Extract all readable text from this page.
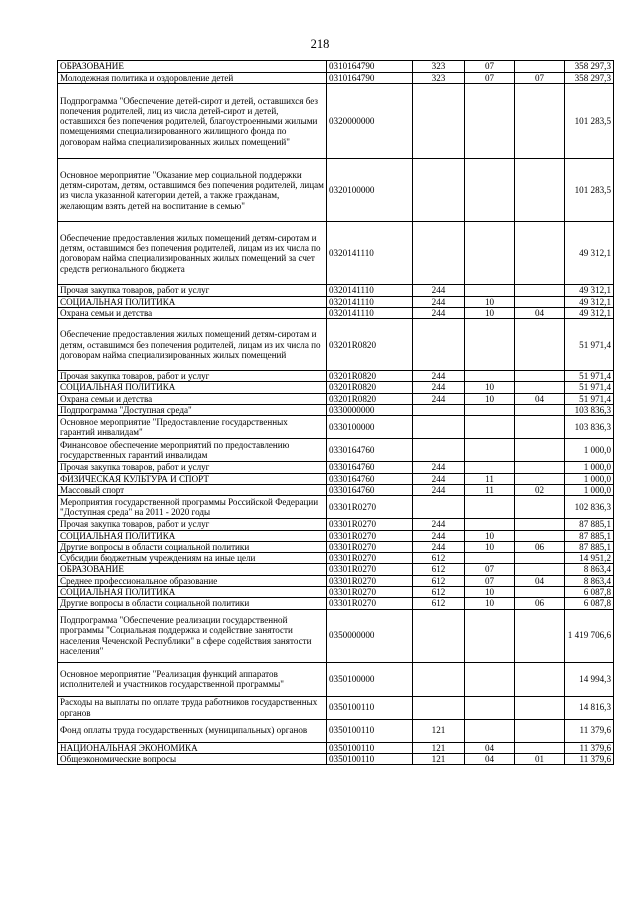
218
ОБРАЗОВАНИЕ	0310164790	323	07		358 297,3
Молодежная политика и оздоровление детей	0310164790	323	07	07	358 297,3
Подпрограмма "Обеспечение детей-сирот и детей, оставшихся без попечения родителей, лиц из числа детей-сирот и детей, оставшихся без попечения родителей, благоустроенными жилыми помещениями специализированного жилищного фонда по договорам найма специализированных жилых помещений"	0320000000				101 283,5
Основное мероприятие "Оказание мер социальной поддержки детям-сиротам, детям, оставшимся без попечения родителей, лицам из числа указанной категории детей, а также гражданам, желающим взять детей на воспитание в семью"	0320100000				101 283,5
Обеспечение предоставления жилых помещений детям-сиротам и детям, оставшимся без попечения родителей, лицам из их числа по договорам найма специализированных жилых помещений за счет средств регионального бюджета	0320141110				49 312,1
Прочая закупка товаров, работ и услуг	0320141110	244			49 312,1
СОЦИАЛЬНАЯ ПОЛИТИКА	0320141110	244	10		49 312,1
Охрана семьи и детства	0320141110	244	10	04	49 312,1
Обеспечение предоставления жилых помещений детям-сиротам и детям, оставшимся без попечения родителей, лицам из их числа по договорам найма специализированных жилых помещений	03201R0820				51 971,4
Прочая закупка товаров, работ и услуг	03201R0820	244			51 971,4
СОЦИАЛЬНАЯ ПОЛИТИКА	03201R0820	244	10		51 971,4
Охрана семьи и детства	03201R0820	244	10	04	51 971,4
Подпрограмма "Доступная среда"	0330000000				103 836,3
Основное мероприятие "Предоставление государственных гарантий инвалидам"	0330100000				103 836,3
Финансовое обеспечение мероприятий по предоставлению государственных гарантий инвалидам	0330164760				1 000,0
Прочая закупка товаров, работ и услуг	0330164760	244			1 000,0
ФИЗИЧЕСКАЯ КУЛЬТУРА И СПОРТ	0330164760	244	11		1 000,0
Массовый спорт	0330164760	244	11	02	1 000,0
Мероприятия государственной программы Российской Федерации "Доступная среда" на 2011 - 2020 годы	03301R0270				102 836,3
Прочая закупка товаров, работ и услуг	03301R0270	244			87 885,1
СОЦИАЛЬНАЯ ПОЛИТИКА	03301R0270	244	10		87 885,1
Другие вопросы в области социальной политики	03301R0270	244	10	06	87 885,1
Субсидии бюджетным учреждениям на иные цели	03301R0270	612			14 951,2
ОБРАЗОВАНИЕ	03301R0270	612	07		8 863,4
Среднее профессиональное образование	03301R0270	612	07	04	8 863,4
СОЦИАЛЬНАЯ ПОЛИТИКА	03301R0270	612	10		6 087,8
Другие вопросы в области социальной политики	03301R0270	612	10	06	6 087,8
Подпрограмма "Обеспечение реализации государственной программы "Социальная поддержка и содействие занятости населения Чеченской Республики" в сфере содействия занятости населения"	0350000000				1 419 706,6
Основное мероприятие "Реализация функций аппаратов исполнителей и участников государственной программы"	0350100000				14 994,3
Расходы на выплаты по оплате труда работников государственных органов	0350100110				14 816,3
Фонд оплаты труда государственных (муниципальных) органов	0350100110	121			11 379,6
НАЦИОНАЛЬНАЯ ЭКОНОМИКА	0350100110	121	04		11 379,6
Общеэкономические вопросы	0350100110	121	04	01	11 379,6
